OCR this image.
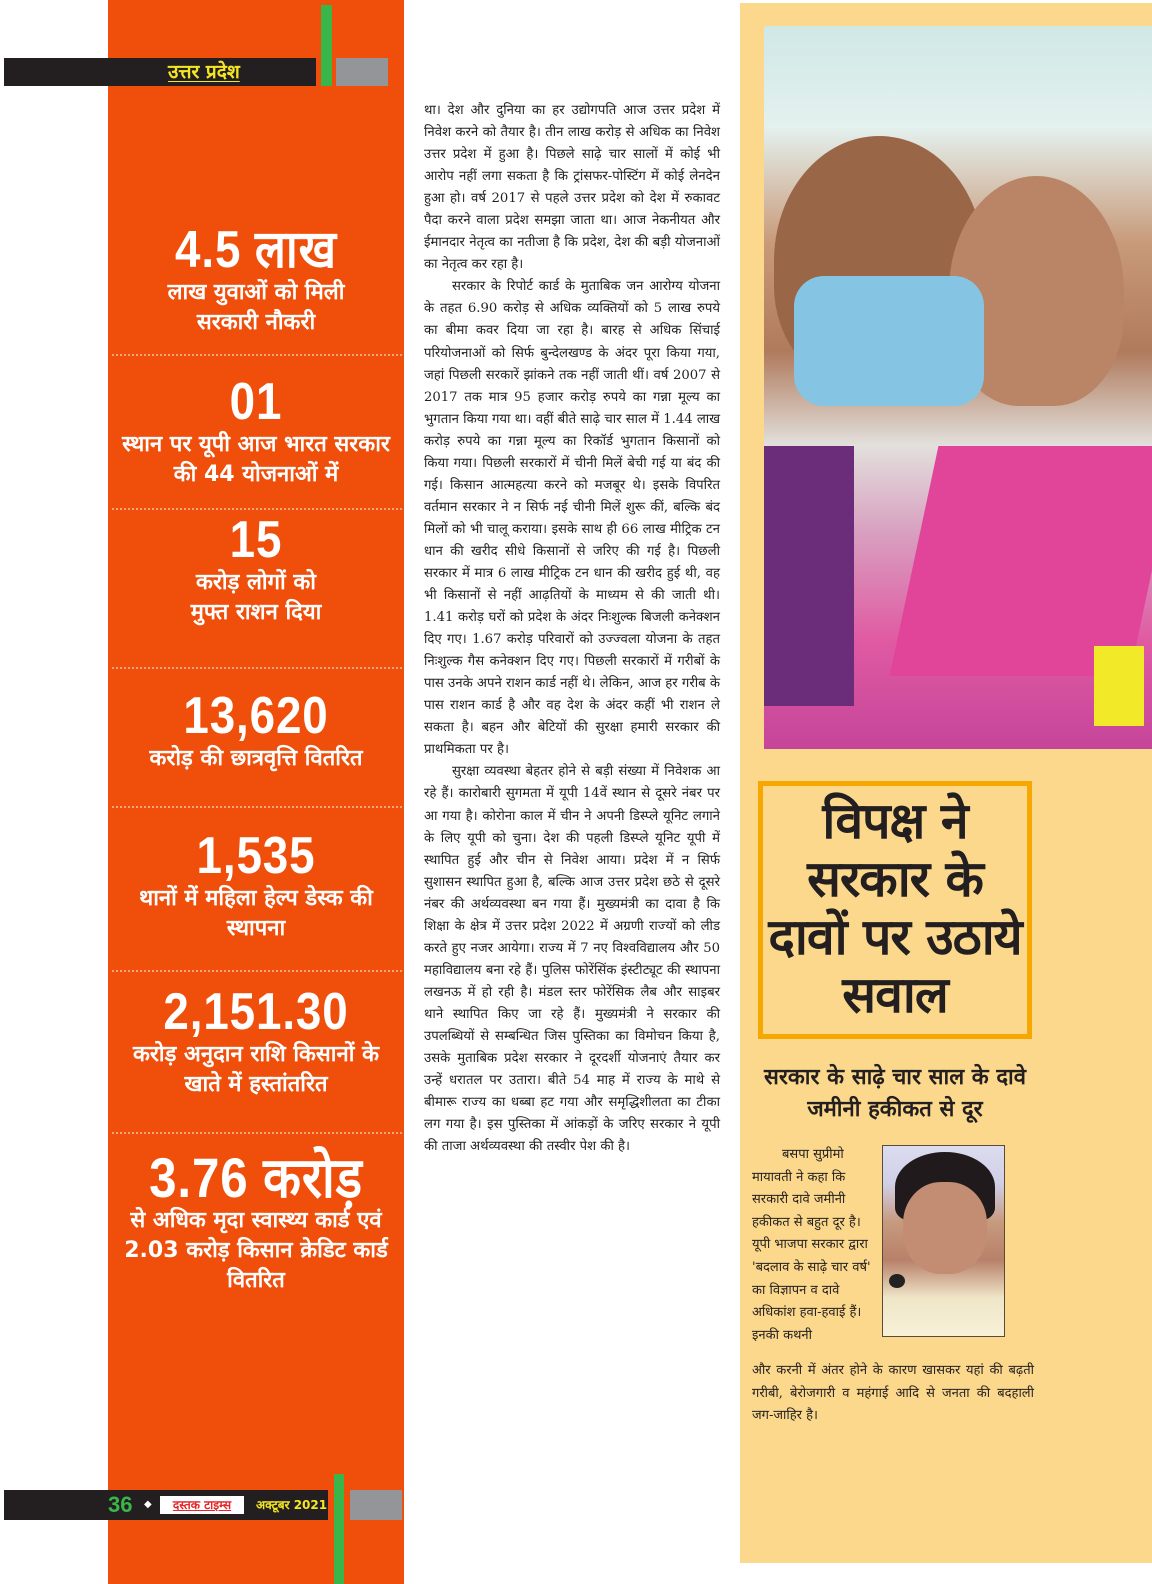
उत्तर प्रदेश
4.5 लाख
लाख युवाओं को मिली सरकारी नौकरी
01
स्थान पर यूपी आज भारत सरकार की 44 योजनाओं में
15
करोड़ लोगों को मुफ्त राशन दिया
13,620
करोड़ की छात्रवृत्ति वितरित
1,535
थानों में महिला हेल्प डेस्क की स्थापना
2,151.30
करोड़ अनुदान राशि किसानों के खाते में हस्तांतरित
3.76 करोड़
से अधिक मृदा स्वास्थ्य कार्ड एवं 2.03 करोड़ किसान क्रेडिट कार्ड वितरित
36 ◆	दस्तक टाइम्स	अक्टूबर 2021

था। देश और दुनिया का हर उद्योगपति आज उत्तर प्रदेश में निवेश करने को तैयार है। तीन लाख करोड़ से अधिक का निवेश उत्तर प्रदेश में हुआ है। पिछले साढ़े चार सालों में कोई भी आरोप नहीं लगा सकता है कि ट्रांसफर-पोस्टिंग में कोई लेनदेन हुआ हो। वर्ष 2017 से पहले उत्तर प्रदेश को देश में रुकावट पैदा करने वाला प्रदेश समझा जाता था। आज नेकनीयत और ईमानदार नेतृत्व का नतीजा है कि प्रदेश, देश की बड़ी योजनाओं का नेतृत्व कर रहा है।

सरकार के रिपोर्ट कार्ड के मुताबिक जन आरोग्य योजना के तहत 6.90 करोड़ से अधिक व्यक्तियों को 5 लाख रुपये का बीमा कवर दिया जा रहा है। बारह से अधिक सिंचाई परियोजनाओं को सिर्फ बुन्देलखण्ड के अंदर पूरा किया गया, जहां पिछली सरकारें झांकने तक नहीं जाती थीं। वर्ष 2007 से 2017 तक मात्र 95 हजार करोड़ रुपये का गन्ना मूल्य का भुगतान किया गया था। वहीं बीते साढ़े चार साल में 1.44 लाख करोड़ रुपये का गन्ना मूल्य का रिकॉर्ड भुगतान किसानों को किया गया। पिछली सरकारों में चीनी मिलें बेची गई या बंद की गई। किसान आत्महत्या करने को मजबूर थे। इसके विपरित वर्तमान सरकार ने न सिर्फ नई चीनी मिलें शुरू कीं, बल्कि बंद मिलों को भी चालू कराया। इसके साथ ही 66 लाख मीट्रिक टन धान की खरीद सीधे किसानों से जरिए की गई है। पिछली सरकार में मात्र 6 लाख मीट्रिक टन धान की खरीद हुई थी, वह भी किसानों से नहीं आढ़तियों के माध्यम से की जाती थी। 1.41 करोड़ घरों को प्रदेश के अंदर निःशुल्क बिजली कनेक्शन दिए गए। 1.67 करोड़ परिवारों को उज्ज्वला योजना के तहत निःशुल्क गैस कनेक्शन दिए गए। पिछली सरकारों में गरीबों के पास उनके अपने राशन कार्ड नहीं थे। लेकिन, आज हर गरीब के पास राशन कार्ड है और वह देश के अंदर कहीं भी राशन ले सकता है। बहन और बेटियों की सुरक्षा हमारी सरकार की प्राथमिकता पर है।

सुरक्षा व्यवस्था बेहतर होने से बड़ी संख्या में निवेशक आ रहे हैं। कारोबारी सुगमता में यूपी 14वें स्थान से दूसरे नंबर पर आ गया है। कोरोना काल में चीन ने अपनी डिस्प्ले यूनिट लगाने के लिए यूपी को चुना। देश की पहली डिस्प्ले यूनिट यूपी में स्थापित हुई और चीन से निवेश आया। प्रदेश में न सिर्फ सुशासन स्थापित हुआ है, बल्कि आज उत्तर प्रदेश छठे से दूसरे नंबर की अर्थव्यवस्था बन गया हैं। मुख्यमंत्री का दावा है कि शिक्षा के क्षेत्र में उत्तर प्रदेश 2022 में अग्रणी राज्यों को लीड करते हुए नजर आयेगा। राज्य में 7 नए विश्वविद्यालय और 50 महाविद्यालय बना रहे हैं। पुलिस फोरेंसिंक इंस्टीट्यूट की स्थापना लखनऊ में हो रही है। मंडल स्तर फोरेंसिक लैब और साइबर थाने स्थापित किए जा रहे हैं। मुख्यमंत्री ने सरकार की उपलब्धियों से सम्बन्धित जिस पुस्तिका का विमोचन किया है, उसके मुताबिक प्रदेश सरकार ने दूरदर्शी योजनाएं तैयार कर उन्हें धरातल पर उतारा। बीते 54 माह में राज्य के माथे से बीमारू राज्य का धब्बा हट गया और समृद्धिशीलता का टीका लग गया है। इस पुस्तिका में आंकड़ों के जरिए सरकार ने यूपी की ताजा अर्थव्यवस्था की तस्वीर पेश की है।

विपक्ष ने सरकार के दावों पर उठाये सवाल
सरकार के साढ़े चार साल के दावे जमीनी हकीकत से दूर
बसपा सुप्रीमो मायावती ने कहा कि सरकारी दावे जमीनी हकीकत से बहुत दूर है। यूपी भाजपा सरकार द्वारा 'बदलाव के साढ़े चार वर्ष' का विज्ञापन व दावे अधिकांश हवा-हवाई हैं। इनकी कथनी
और करनी में अंतर होने के कारण खासकर यहां की बढ़ती गरीबी, बेरोजगारी व महंगाई आदि से जनता की बदहाली जग-जाहिर है।
